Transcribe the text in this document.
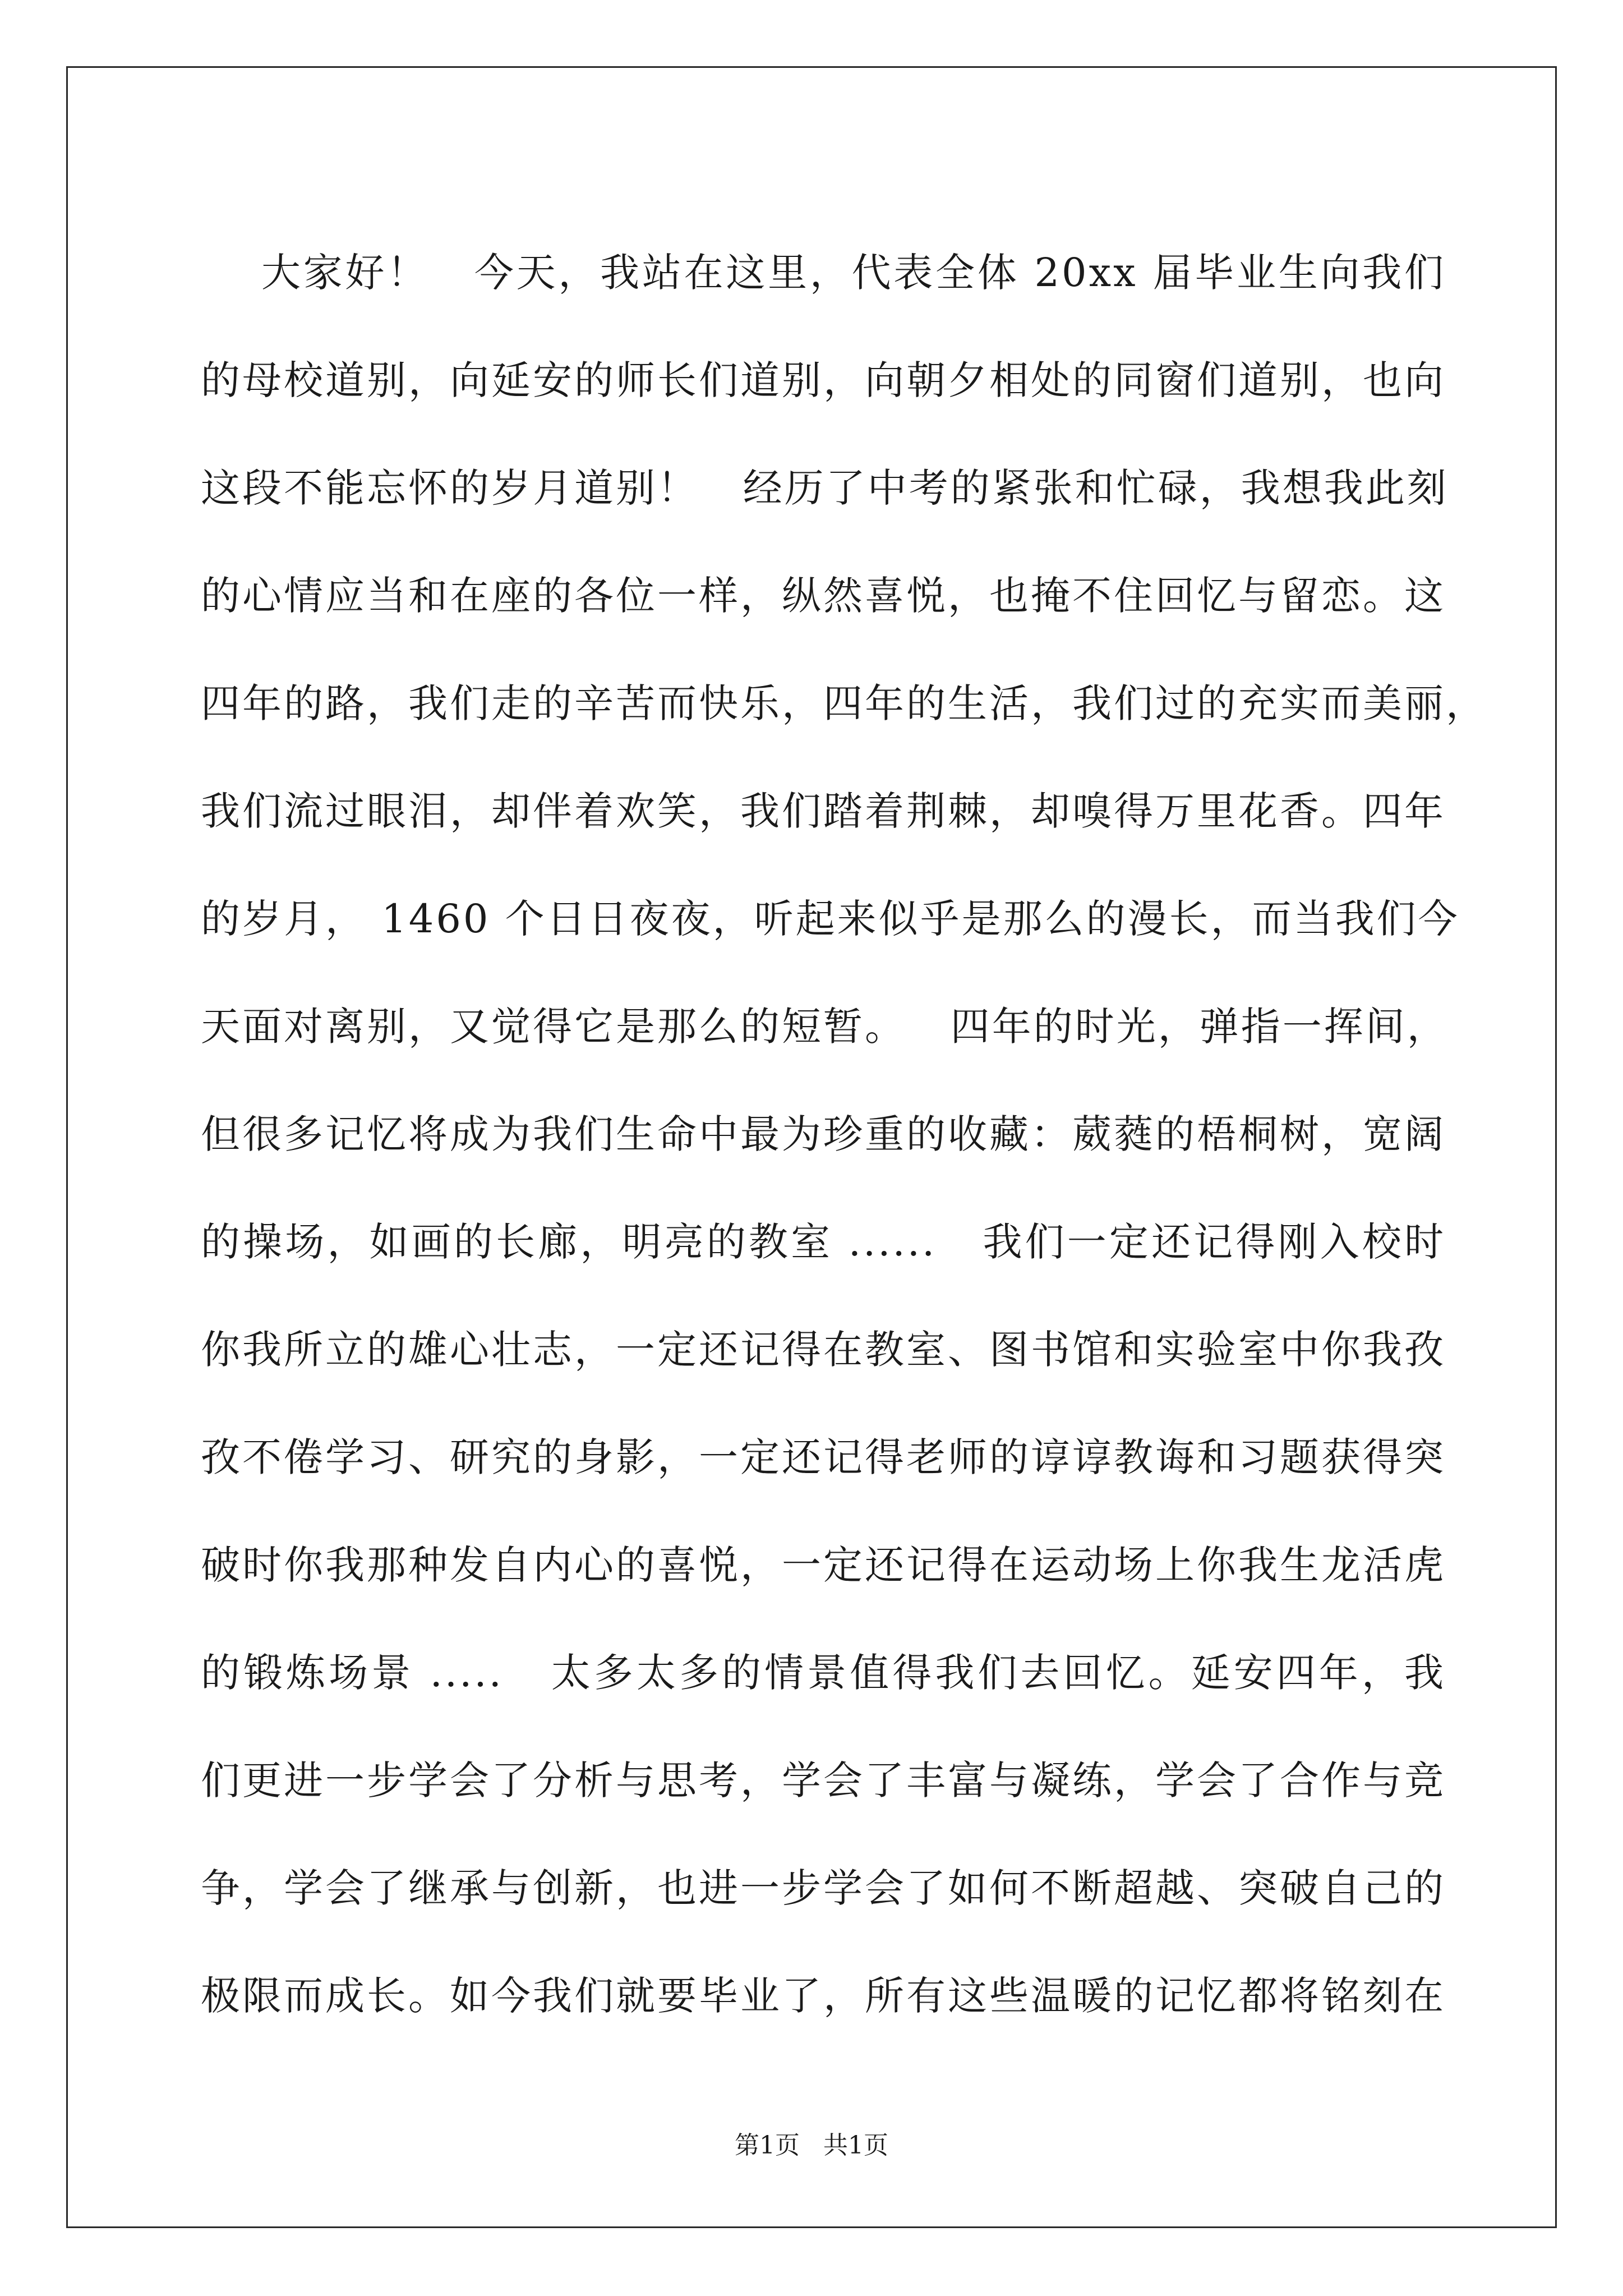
大家好！   今天，我站在这里，代表全体 20xx 届毕业生向我们
的母校道别，向延安的师长们道别，向朝夕相处的同窗们道别，也向
这段不能忘怀的岁月道别！   经历了中考的紧张和忙碌，我想我此刻
的心情应当和在座的各位一样，纵然喜悦，也掩不住回忆与留恋。这
四年的路，我们走的辛苦而快乐，四年的生活，我们过的充实而美丽，
我们流过眼泪，却伴着欢笑，我们踏着荆棘，却嗅得万里花香。四年
的岁月， 1460 个日日夜夜，听起来似乎是那么的漫长，而当我们今
天面对离别，又觉得它是那么的短暂。   四年的时光，弹指一挥间，
但很多记忆将成为我们生命中最为珍重的收藏：葳蕤的梧桐树，宽阔
的操场，如画的长廊，明亮的教室 ......   我们一定还记得刚入校时
你我所立的雄心壮志，一定还记得在教室、图书馆和实验室中你我孜
孜不倦学习、研究的身影，一定还记得老师的谆谆教诲和习题获得突
破时你我那种发自内心的喜悦，一定还记得在运动场上你我生龙活虎
的锻炼场景 .....   太多太多的情景值得我们去回忆。延安四年，我
们更进一步学会了分析与思考，学会了丰富与凝练，学会了合作与竞
争，学会了继承与创新，也进一步学会了如何不断超越、突破自己的
极限而成长。如今我们就要毕业了，所有这些温暖的记忆都将铭刻在
第1页   共1页
